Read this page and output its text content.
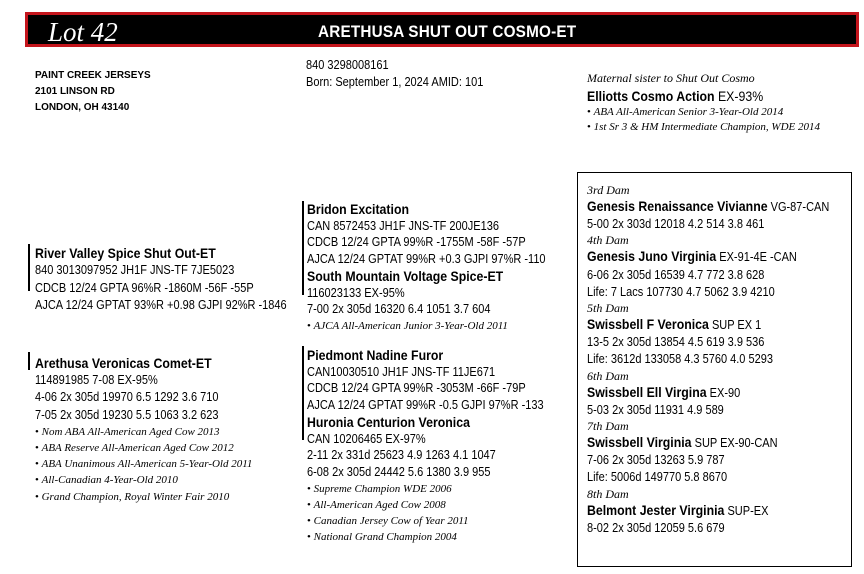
Lot 42	ARETHUSA SHUT OUT COSMO-ET
PAINT CREEK JERSEYS
2101 LINSON RD
LONDON, OH 43140
840 3298008161
Born: September 1, 2024 AMID: 101	Maternal sister to Shut Out Cosmo
Elliotts Cosmo Action EX-93%
• ABA All-American Senior 3-Year-Old 2014
• 1st Sr 3 & HM Intermediate Champion, WDE 2014
River Valley Spice Shut Out-ET
840 3013097952 JH1F JNS-TF 7JE5023
CDCB 12/24 GPTA 96%R -1860M -56F -55P
AJCA 12/24 GPTAT 93%R +0.98 GJPI 92%R -1846
Arethusa Veronicas Comet-ET
114891985 7-08 EX-95%
4-06 2x 305d 19970 6.5 1292 3.6 710
7-05 2x 305d 19230 5.5 1063 3.2 623
• Nom ABA All-American Aged Cow 2013
• ABA Reserve All-American Aged Cow 2012
• ABA Unanimous All-American 5-Year-Old 2011
• All-Canadian 4-Year-Old 2010
• Grand Champion, Royal Winter Fair 2010
Bridon Excitation
CAN 8572453 JH1F JNS-TF 200JE136
CDCB 12/24 GPTA 99%R -1755M -58F -57P
AJCA 12/24 GPTAT 99%R +0.3 GJPI 97%R -110
South Mountain Voltage Spice-ET
116023133 EX-95%
7-00 2x 305d 16320 6.4 1051 3.7 604
• AJCA All-American Junior 3-Year-Old 2011
Piedmont Nadine Furor
CAN10030510 JH1F JNS-TF 11JE671
CDCB 12/24 GPTA 99%R -3053M -66F -79P
AJCA 12/24 GPTAT 99%R -0.5 GJPI 97%R -133
Huronia Centurion Veronica
CAN 10206465 EX-97%
2-11 2x 331d 25623 4.9 1263 4.1 1047
6-08 2x 305d 24442 5.6 1380 3.9 955
• Supreme Champion WDE 2006
• All-American Aged Cow 2008
• Canadian Jersey Cow of Year 2011
• National Grand Champion 2004
3rd Dam
Genesis Renaissance Vivianne VG-87-CAN
5-00 2x 303d 12018 4.2 514 3.8 461
4th Dam
Genesis Juno Virginia EX-91-4E -CAN
6-06 2x 305d 16539 4.7 772 3.8 628
Life: 7 Lacs 107730 4.7 5062 3.9 4210
5th Dam
Swissbell F Veronica SUP EX 1
13-5 2x 305d 13854 4.5 619 3.9 536
Life: 3612d 133058 4.3 5760 4.0 5293
6th Dam
Swissbell Ell Virgina EX-90
5-03 2x 305d 11931 4.9 589
7th Dam
Swissbell Virginia SUP EX-90-CAN
7-06 2x 305d 13263 5.9 787
Life: 5006d 149770 5.8 8670
8th Dam
Belmont Jester Virginia SUP-EX
8-02 2x 305d 12059 5.6 679
